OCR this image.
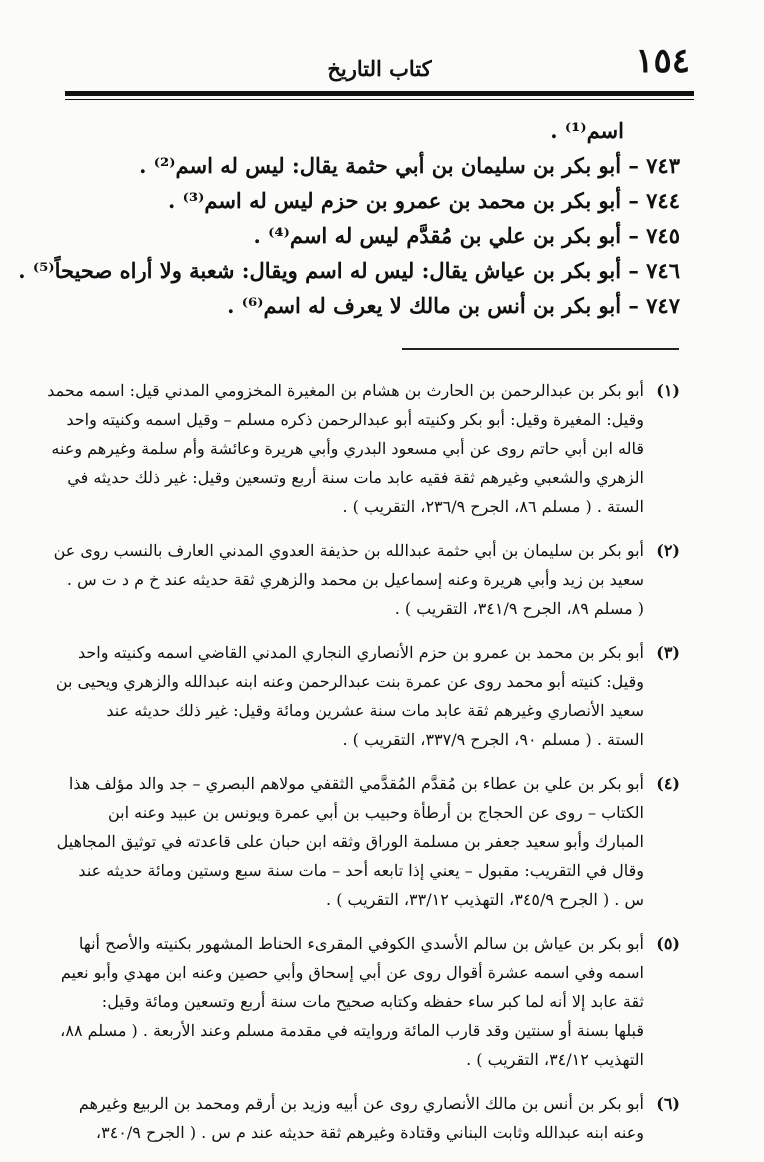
١٥٤
كتاب التاريخ
اسم⁽¹⁾ .
٧٤٣ – أبو بكر بن سليمان بن أبي حثمة يقال: ليس له اسم⁽²⁾ .
٧٤٤ – أبو بكر بن محمد بن عمرو بن حزم ليس له اسم⁽³⁾ .
٧٤٥ – أبو بكر بن علي بن مُقدَّم ليس له اسم⁽⁴⁾ .
٧٤٦ – أبو بكر بن عياش يقال: ليس له اسم ويقال: شعبة ولا أراه صحيحاً⁽⁵⁾ .
٧٤٧ – أبو بكر بن أنس بن مالك لا يعرف له اسم⁽⁶⁾ .
(١)
أبو بكر بن عبدالرحمن بن الحارث بن هشام بن المغيرة المخزومي المدني قيل: اسمه محمد
وقيل: المغيرة وقيل: أبو بكر وكنيته أبو عبدالرحمن ذكره مسلم – وقيل اسمه وكنيته واحد
قاله ابن أبي حاتم روى عن أبي مسعود البدري وأبي هريرة وعائشة وأم سلمة وغيرهم وعنه
الزهري والشعبي وغيرهم ثقة فقيه عابد مات سنة أربع وتسعين وقيل: غير ذلك حديثه في
الستة . ( مسلم ٨٦، الجرح ٢٣٦/٩، التقريب ) .
(٢)
أبو بكر بن سليمان بن أبي حثمة عبدالله بن حذيفة العدوي المدني العارف بالنسب روى عن
سعيد بن زيد وأبي هريرة وعنه إسماعيل بن محمد والزهري ثقة حديثه عند خ م د ت س .
( مسلم ٨٩، الجرح ٣٤١/٩، التقريب ) .
(٣)
أبو بكر بن محمد بن عمرو بن حزم الأنصاري النجاري المدني القاضي اسمه وكنيته واحد
وقيل: كنيته أبو محمد روى عن عمرة بنت عبدالرحمن وعنه ابنه عبدالله والزهري ويحيى بن
سعيد الأنصاري وغيرهم ثقة عابد مات سنة عشرين ومائة وقيل: غير ذلك حديثه عند
الستة . ( مسلم ٩٠، الجرح ٣٣٧/٩، التقريب ) .
(٤)
أبو بكر بن علي بن عطاء بن مُقدَّم المُقدَّمي الثقفي مولاهم البصري – جد والد مؤلف هذا
الكتاب – روى عن الحجاج بن أرطأة وحبيب بن أبي عمرة ويونس بن عبيد وعنه ابن
المبارك وأبو سعيد جعفر بن مسلمة الوراق وثقه ابن حبان على قاعدته في توثيق المجاهيل
وقال في التقريب: مقبول – يعني إذا تابعه أحد – مات سنة سبع وستين ومائة حديثه عند
س . ( الجرح ٣٤٥/٩، التهذيب ٣٣/١٢، التقريب ) .
(٥)
أبو بكر بن عياش بن سالم الأسدي الكوفي المقرىء الحناط المشهور بكنيته والأصح أنها
اسمه وفي اسمه عشرة أقوال روى عن أبي إسحاق وأبي حصين وعنه ابن مهدي وأبو نعيم
ثقة عابد إلا أنه لما كبر ساء حفظه وكتابه صحيح مات سنة أربع وتسعين ومائة وقيل:
قبلها بسنة أو سنتين وقد قارب المائة وروايته في مقدمة مسلم وعند الأربعة . ( مسلم ٨٨،
التهذيب ٣٤/١٢، التقريب ) .
(٦)
أبو بكر بن أنس بن مالك الأنصاري روى عن أبيه وزيد بن أرقم ومحمد بن الربيع وغيرهم
وعنه ابنه عبدالله وثابت البناني وقتادة وغيرهم ثقة حديثه عند م س . ( الجرح ٣٤٠/٩،
